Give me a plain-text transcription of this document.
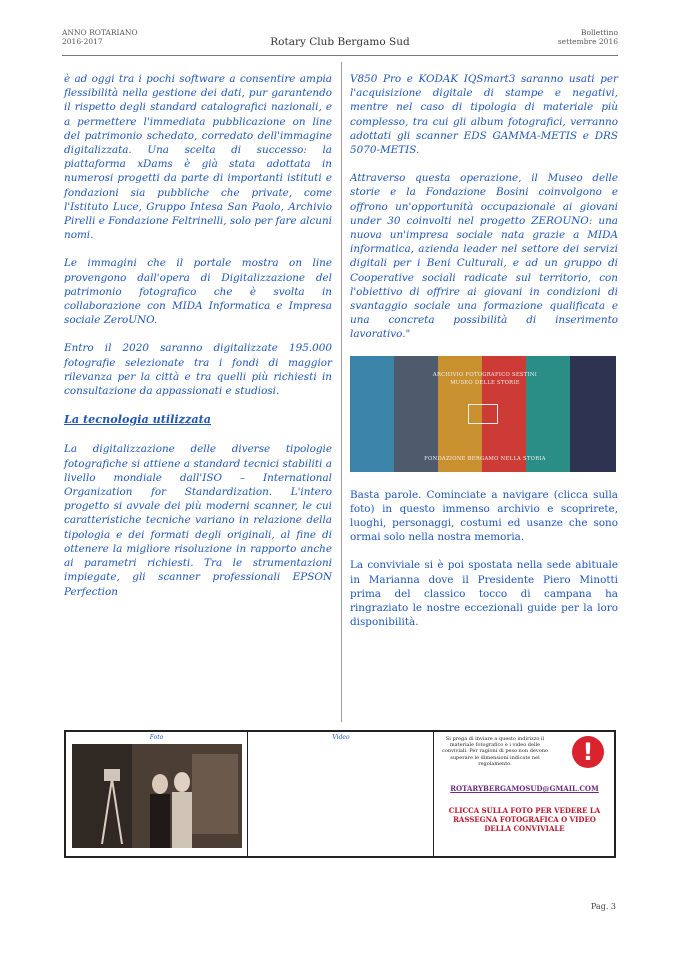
ANNO ROTARIANO
2016-2017	Rotary Club Bergamo Sud
Bollettino
settembre 2016

è ad oggi tra i pochi software a consentire ampia flessibilità nella gestione dei dati, pur garantendo il rispetto degli standard catalografici nazionali, e a permettere l'immediata pubblicazione on line del patrimonio schedato, corredato dell'immagine digitalizzata. Una scelta di successo: la piattaforma xDams è già stata adottata in numerosi progetti da parte di importanti istituti e fondazioni sia pubbliche che private, come l'Istituto Luce, Gruppo Intesa San Paolo, Archivio Pirelli e Fondazione Feltrinelli, solo per fare alcuni nomi.

Le immagini che il portale mostra on line provengono dall'opera di Digitalizzazione del patrimonio fotografico che è svolta in collaborazione con MIDA Informatica e Impresa sociale ZeroUNO.

Entro il 2020 saranno digitalizzate 195.000 fotografie selezionate tra i fondi di maggior rilevanza per la città e tra quelli più richiesti in consultazione da appassionati e studiosi.

La tecnologia utilizzata

La digitalizzazione delle diverse tipologie fotografiche si attiene a standard tecnici stabiliti a livello mondiale dall'ISO – International Organization for Standardization. L'intero progetto si avvale dei più moderni scanner, le cui caratteristiche tecniche variano in relazione della tipologia e dei formati degli originali, al fine di ottenere la migliore risoluzione in rapporto anche ai parametri richiesti. Tra le strumentazioni impiegate, gli scanner professionali EPSON Perfection

V850 Pro e KODAK IQSmart3 saranno usati per l'acquisizione digitale di stampe e negativi, mentre nel caso di tipologia di materiale più complesso, tra cui gli album fotografici, verranno adottati gli scanner EDS GAMMA-METIS e DRS 5070-METIS.

Attraverso questa operazione, il Museo delle storie e la Fondazione Bosini coinvolgono e offrono un'opportunità occupazionale ai giovani under 30 coinvolti nel progetto ZEROUNO: una nuova un'impresa sociale nata grazie a MIDA informatica, azienda leader nel settore dei servizi digitali per i Beni Culturali, e ad un gruppo di Cooperative sociali radicate sul territorio, con l'obiettivo di offrire ai giovani in condizioni di svantaggio sociale una formazione qualificata e una concreta possibilità di inserimento lavorativo."

ARCHIVIO FOTOGRAFICO SESTINI
MUSEO DELLE STORIE
FONDAZIONE BERGAMO NELLA STORIA

Basta parole. Cominciate a navigare (clicca sulla foto) in questo immenso archivio e scoprirete, luoghi, personaggi, costumi ed usanze che sono ormai solo nella nostra memoria.

La conviviale si è poi spostata nella sede abituale in Marianna dove il Presidente Piero Minotti prima del classico tocco di campana ha ringraziato le nostre eccezionali guide per la loro disponibilità.

Foto	Video	Si prega di inviare a questo indirizzo il materiale fotografico e i video delle conviviali. Per ragioni di peso non devono superare le dimensioni indicate nel regolamento.	!
ROTARYBERGAMOSUD@GMAIL.COM
CLICCA SULLA FOTO PER VEDERE LA RASSEGNA FOTOGRAFICA O VIDEO DELLA CONVIVIALE
Pag. 3
